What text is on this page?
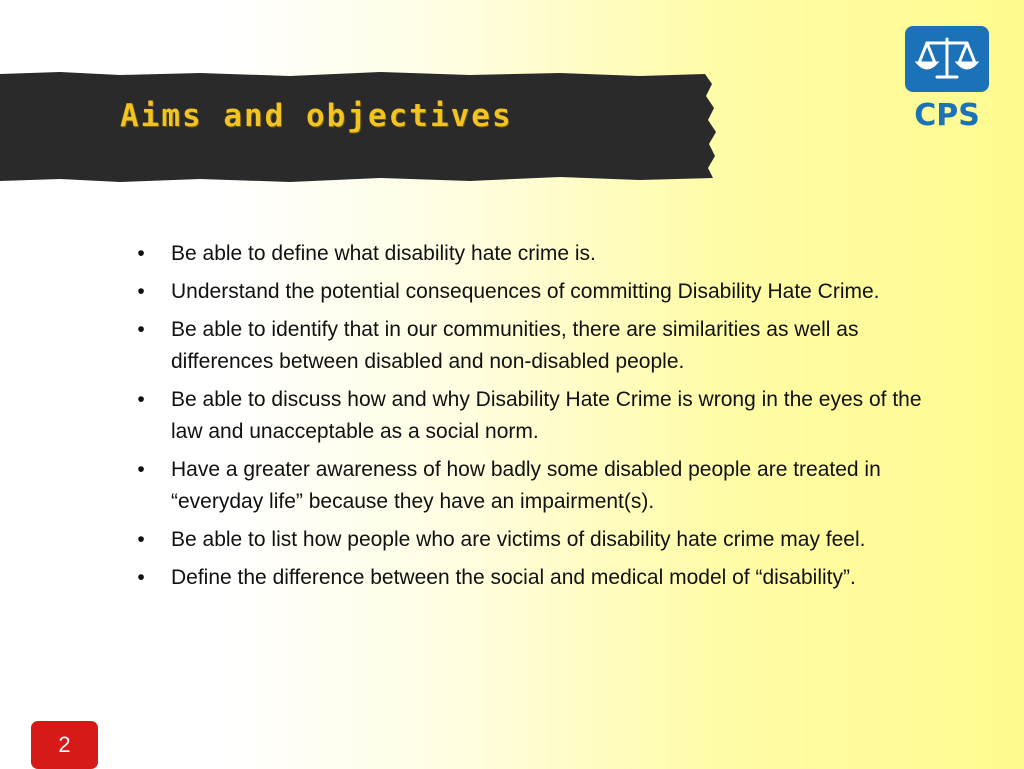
Aims and objectives	CPS
•	Be able to define what disability hate crime is.
•	Understand the potential consequences of committing Disability Hate Crime.
•	Be able to identify that in our communities, there are similarities as well as differences between disabled and non-disabled people.
•	Be able to discuss how and why Disability Hate Crime is wrong in the eyes of the law and unacceptable as a social norm.
•	Have a greater awareness of how badly some disabled people are treated in “everyday life” because they have an impairment(s).
•	Be able to list how people who are victims of disability hate crime may feel.
•	Define the difference between the social and medical model of “disability”.
2
